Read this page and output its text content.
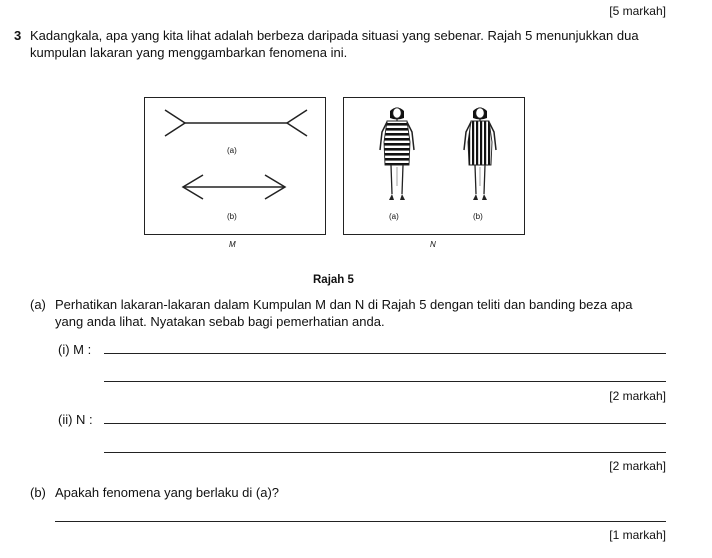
[5 markah]
3 Kadangkala, apa yang kita lihat adalah berbeza daripada situasi yang sebenar. Rajah 5 menunjukkan dua
kumpulan lakaran yang menggambarkan fenomena ini.
(a)
(b)
M
(a)	(b)
N
Rajah 5
(a) Perhatikan lakaran-lakaran dalam Kumpulan M dan N di Rajah 5 dengan teliti dan banding beza apa
yang anda lihat. Nyatakan sebab bagi pemerhatian anda.
(i) M :
[2 markah]
(ii) N :
[2 markah]
(b) Apakah fenomena yang berlaku di (a)?
[1 markah]
